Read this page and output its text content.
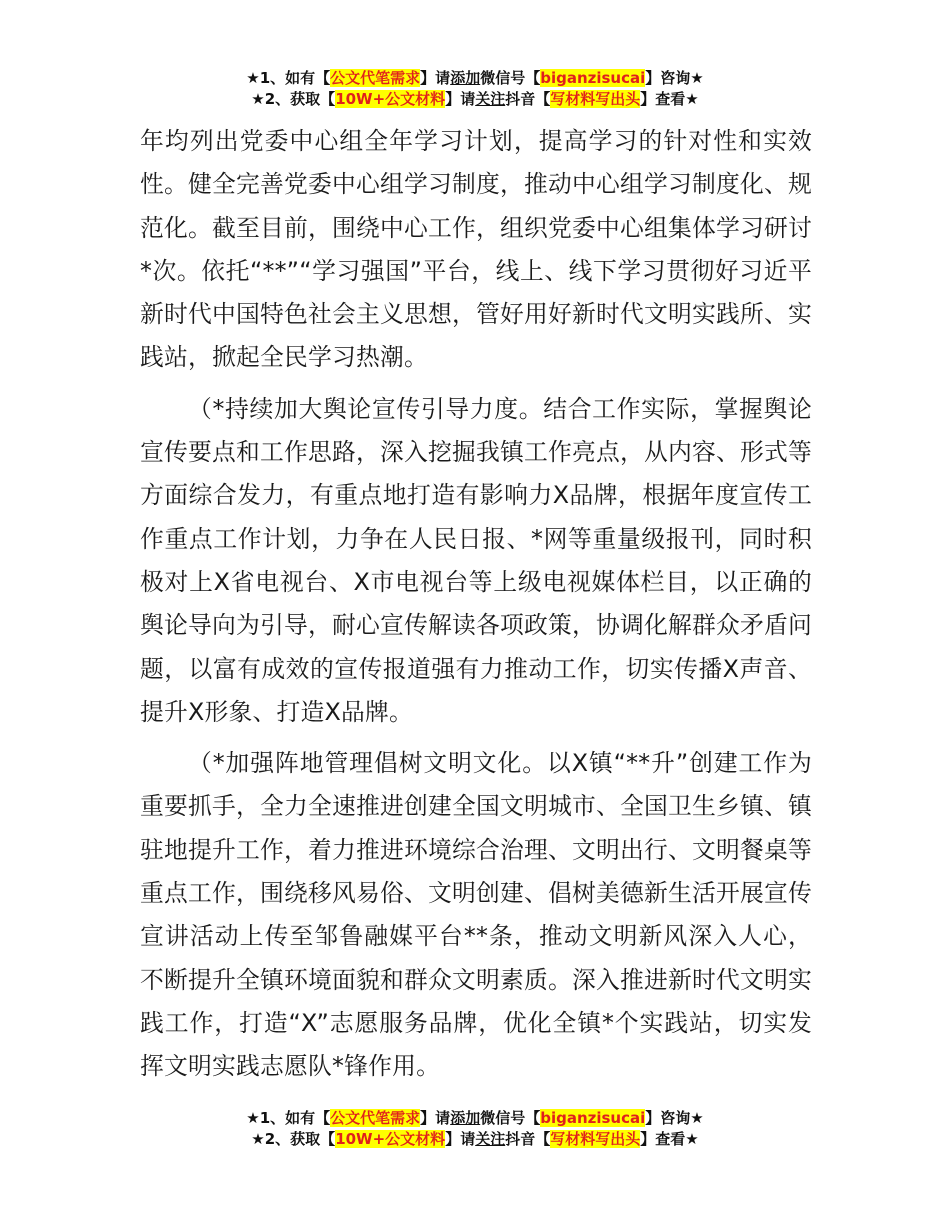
★1、如有【公文代笔需求】请添加微信号【biganzisucai】咨询★
★2、获取【10W+公文材料】请关注抖音【写材料写出头】查看★

年均列出党委中心组全年学习计划，提高学习的针对性和实效性。健全完善党委中心组学习制度，推动中心组学习制度化、规范化。截至目前，围绕中心工作，组织党委中心组集体学习研讨*次。依托“**”“学习强国”平台，线上、线下学习贯彻好习近平新时代中国特色社会主义思想，管好用好新时代文明实践所、实践站，掀起全民学习热潮。

（*持续加大舆论宣传引导力度。结合工作实际，掌握舆论宣传要点和工作思路，深入挖掘我镇工作亮点，从内容、形式等方面综合发力，有重点地打造有影响力X品牌，根据年度宣传工作重点工作计划，力争在人民日报、*网等重量级报刊，同时积极对上X省电视台、X市电视台等上级电视媒体栏目，以正确的舆论导向为引导，耐心宣传解读各项政策，协调化解群众矛盾问题，以富有成效的宣传报道强有力推动工作，切实传播X声音、提升X形象、打造X品牌。

（*加强阵地管理倡树文明文化。以X镇“**升”创建工作为重要抓手，全力全速推进创建全国文明城市、全国卫生乡镇、镇驻地提升工作，着力推进环境综合治理、文明出行、文明餐桌等重点工作，围绕移风易俗、文明创建、倡树美德新生活开展宣传宣讲活动上传至邹鲁融媒平台**条，推动文明新风深入人心，不断提升全镇环境面貌和群众文明素质。深入推进新时代文明实践工作，打造“X”志愿服务品牌，优化全镇*个实践站，切实发挥文明实践志愿队*锋作用。

★1、如有【公文代笔需求】请添加微信号【biganzisucai】咨询★
★2、获取【10W+公文材料】请关注抖音【写材料写出头】查看★
